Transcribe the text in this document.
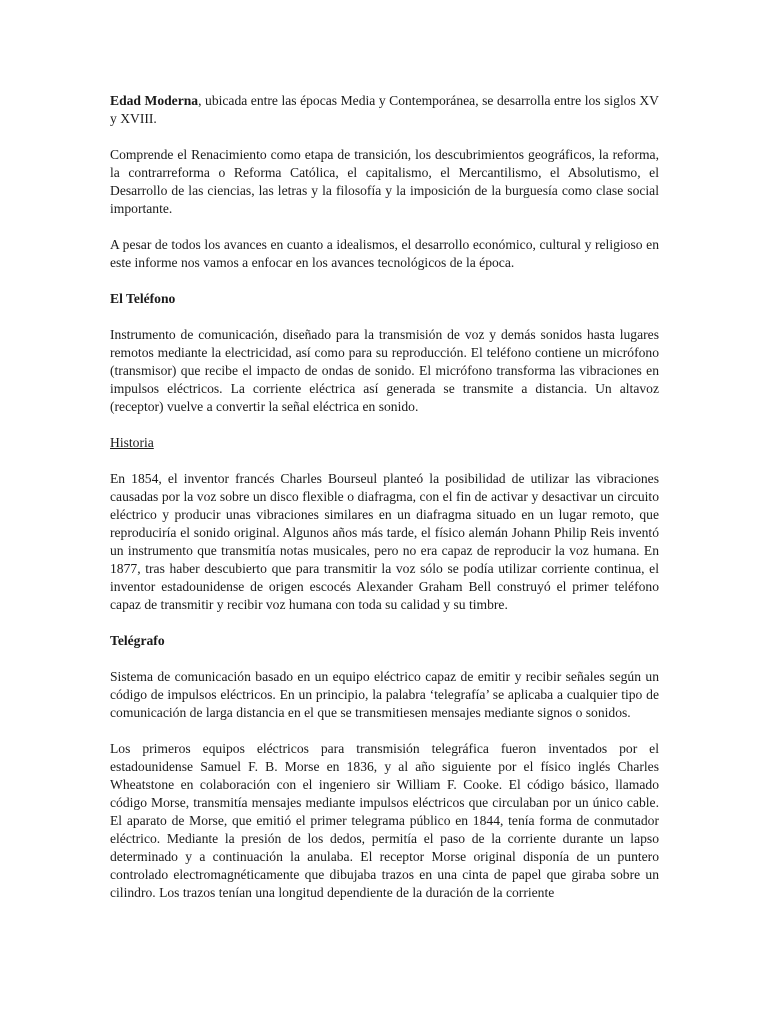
Edad Moderna, ubicada entre las épocas Media y Contemporánea, se desarrolla entre los siglos XV y XVIII.

Comprende el Renacimiento como etapa de transición, los descubrimientos geográficos, la reforma, la contrarreforma o Reforma Católica, el capitalismo, el Mercantilismo, el Absolutismo, el Desarrollo de las ciencias, las letras y la filosofía y la imposición de la burguesía como clase social importante.

A pesar de todos los avances en cuanto a idealismos, el desarrollo económico, cultural y religioso en este informe nos vamos a enfocar en los avances tecnológicos de la época.

El Teléfono

Instrumento de comunicación, diseñado para la transmisión de voz y demás sonidos hasta lugares remotos mediante la electricidad, así como para su reproducción. El teléfono contiene un micrófono (transmisor) que recibe el impacto de ondas de sonido. El micrófono transforma las vibraciones en impulsos eléctricos. La corriente eléctrica así generada se transmite a distancia. Un altavoz (receptor) vuelve a convertir la señal eléctrica en sonido.

Historia

En 1854, el inventor francés Charles Bourseul planteó la posibilidad de utilizar las vibraciones causadas por la voz sobre un disco flexible o diafragma, con el fin de activar y desactivar un circuito eléctrico y producir unas vibraciones similares en un diafragma situado en un lugar remoto, que reproduciría el sonido original. Algunos años más tarde, el físico alemán Johann Philip Reis inventó un instrumento que transmitía notas musicales, pero no era capaz de reproducir la voz humana. En 1877, tras haber descubierto que para transmitir la voz sólo se podía utilizar corriente continua, el inventor estadounidense de origen escocés Alexander Graham Bell construyó el primer teléfono capaz de transmitir y recibir voz humana con toda su calidad y su timbre.

Telégrafo

Sistema de comunicación basado en un equipo eléctrico capaz de emitir y recibir señales según un código de impulsos eléctricos. En un principio, la palabra ‘telegrafía’ se aplicaba a cualquier tipo de comunicación de larga distancia en el que se transmitiesen mensajes mediante signos o sonidos.

Los primeros equipos eléctricos para transmisión telegráfica fueron inventados por el estadounidense Samuel F. B. Morse en 1836, y al año siguiente por el físico inglés Charles Wheatstone en colaboración con el ingeniero sir William F. Cooke. El código básico, llamado código Morse, transmitía mensajes mediante impulsos eléctricos que circulaban por un único cable. El aparato de Morse, que emitió el primer telegrama público en 1844, tenía forma de conmutador eléctrico. Mediante la presión de los dedos, permitía el paso de la corriente durante un lapso determinado y a continuación la anulaba. El receptor Morse original disponía de un puntero controlado electromagnéticamente que dibujaba trazos en una cinta de papel que giraba sobre un cilindro. Los trazos tenían una longitud dependiente de la duración de la corriente
